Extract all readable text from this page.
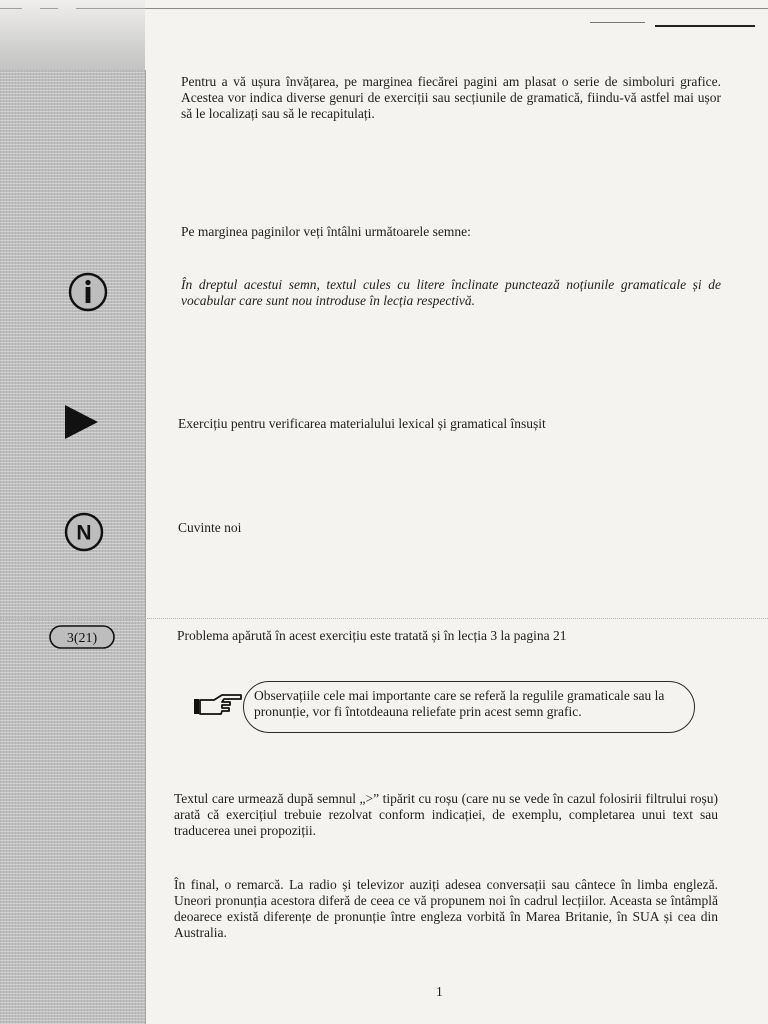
Pentru a vă ușura învățarea, pe marginea fiecărei pagini am plasat o serie de simboluri grafice. Acestea vor indica diverse genuri de exerciții sau secțiunile de gramatică, fiindu-vă astfel mai ușor să le localizați sau să le recapitulați.

Pe marginea paginilor veți întâlni următoarele semne:

În dreptul acestui semn, textul cules cu litere înclinate punctează noțiunile gramaticale și de vocabular care sunt nou introduse în lecția respectivă.

Exercițiu pentru verificarea materialului lexical și gramatical însușit

N	Cuvinte noi

3(21)	Problema apărută în acest exercițiu este tratată și în lecția 3 la pagina 21

Observațiile cele mai importante care se referă la regulile gramaticale sau la pronunție, vor fi întotdeauna reliefate prin acest semn grafic.

Textul care urmează după semnul „>” tipărit cu roșu (care nu se vede în cazul folosirii filtrului roșu) arată că exercițiul trebuie rezolvat conform indicației, de exemplu, completarea unui text sau traducerea unei propoziții.

În final, o remarcă. La radio și televizor auziți adesea conversații sau cântece în limba engleză. Uneori pronunția acestora diferă de ceea ce vă propunem noi în cadrul lecțiilor. Aceasta se întâmplă deoarece există diferențe de pronunție între engleza vorbită în Marea Britanie, în SUA și cea din Australia.

1
